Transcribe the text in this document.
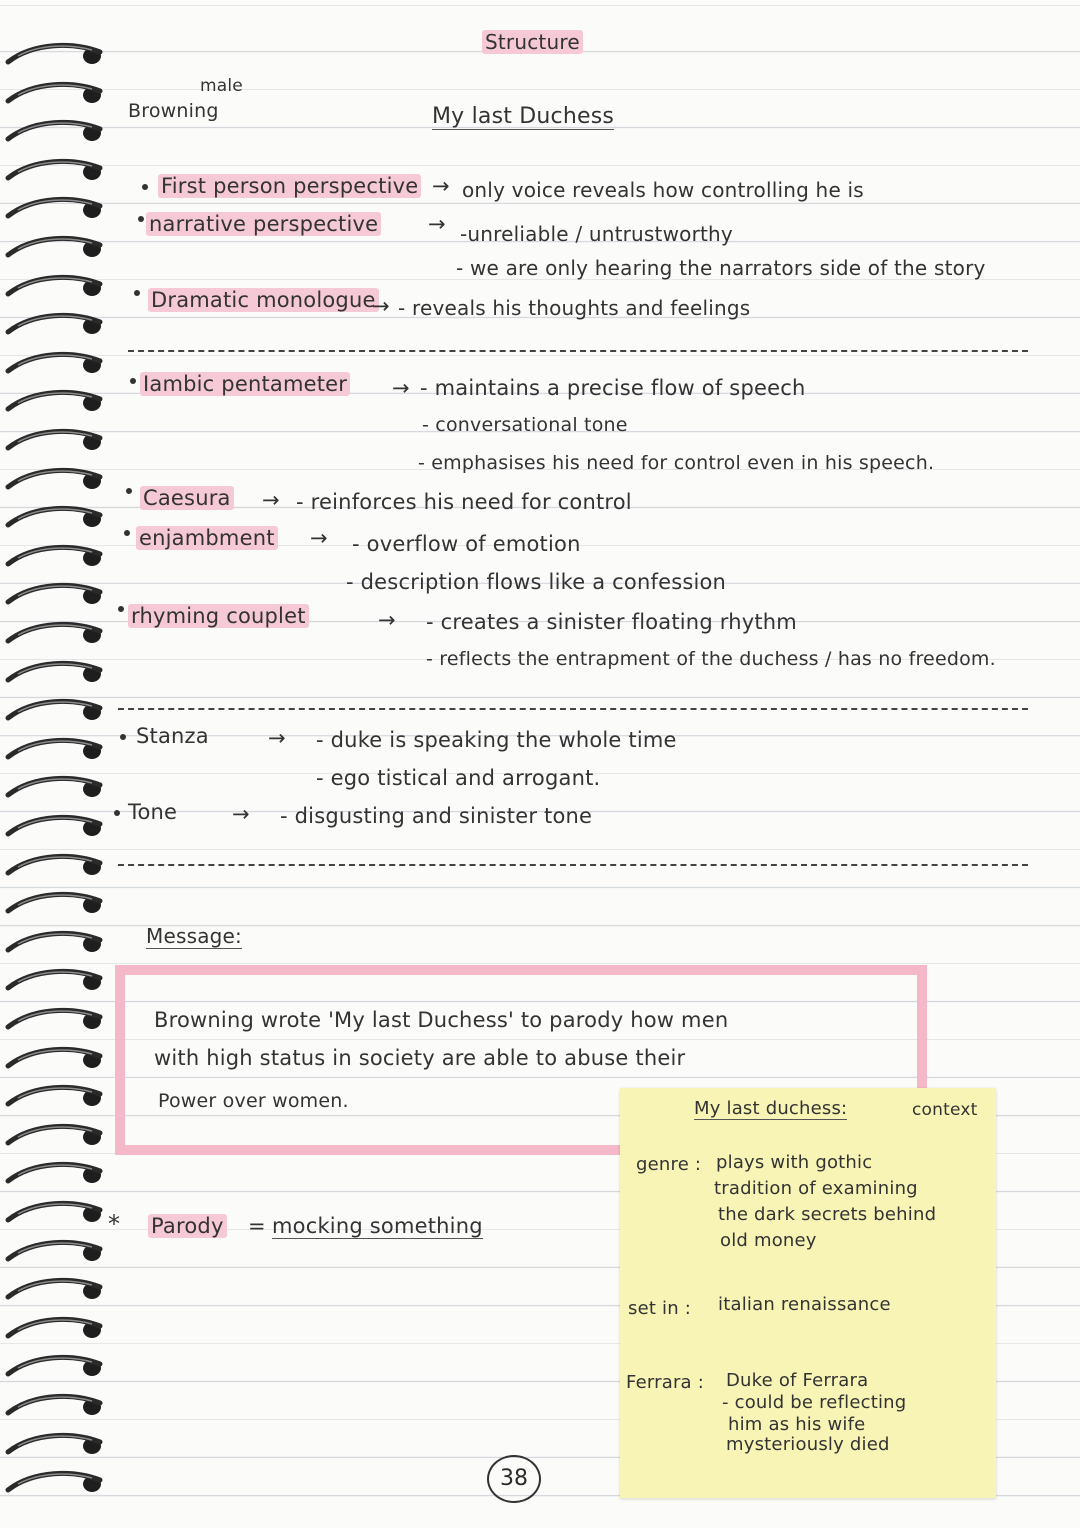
Structure
male
Browning	My last Duchess
First person perspective → only voice reveals how controlling he is
narrative perspective → -unreliable / untrustworthy
- we are only hearing the narrators side of the story
Dramatic monologue
→ - reveals his thoughts and feelings
Iambic pentameter → - maintains a precise flow of speech
- conversational tone
- emphasises his need for control even in his speech.
Caesura → - reinforces his need for control
enjambment → - overflow of emotion
- description flows like a confession
rhyming couplet	→ - creates a sinister floating rhythm
- reflects the entrapment of the duchess / has no freedom.
Stanza	→ - duke is speaking the whole time
- ego tistical and arrogant.
Tone	→ - disgusting and sinister tone
Message:
Browning wrote 'My last Duchess' to parody how men
with high status in society are able to abuse their
Power over women.
* Parody = mocking something
My last duchess:	context
genre : plays with gothic
tradition of examining
the dark secrets behind
old money
set in : italian renaissance
Ferrara : Duke of Ferrara
- could be reflecting
him as his wife
mysteriously died
38
